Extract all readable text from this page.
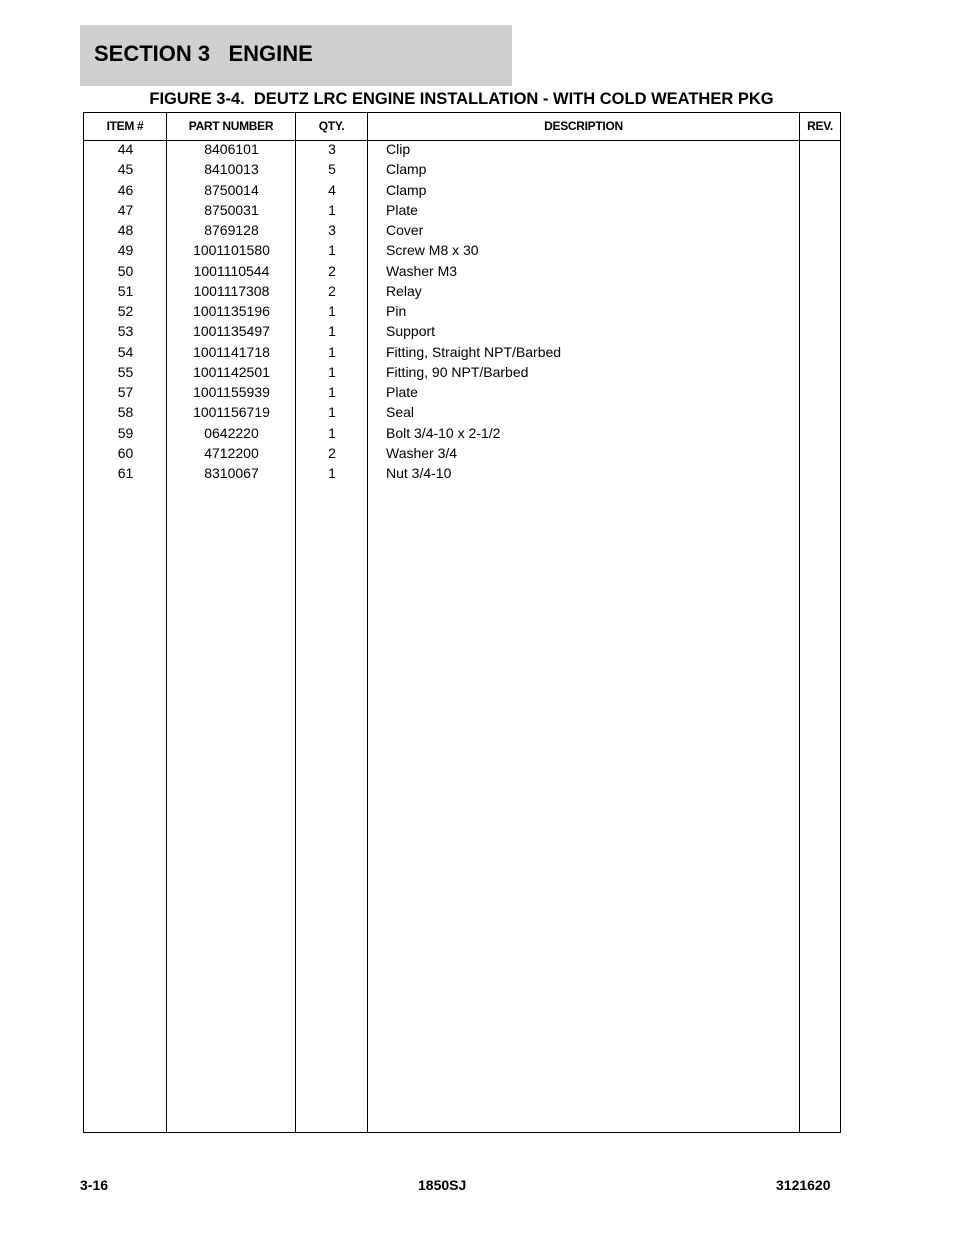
SECTION 3   ENGINE
FIGURE 3-4.  DEUTZ LRC ENGINE INSTALLATION - WITH COLD WEATHER PKG
ITEM #	PART NUMBER	QTY.	DESCRIPTION	REV.
44	8406101	3	Clip
45	8410013	5	Clamp
46	8750014	4	Clamp
47	8750031	1	Plate
48	8769128	3	Cover
49	1001101580	1	Screw M8 x 30
50	1001110544	2	Washer M3
51	1001117308	2	Relay
52	1001135196	1	Pin
53	1001135497	1	Support
54	1001141718	1	Fitting, Straight NPT/Barbed
55	1001142501	1	Fitting, 90 NPT/Barbed
57	1001155939	1	Plate
58	1001156719	1	Seal
59	0642220	1	Bolt 3/4-10 x 2-1/2
60	4712200	2	Washer 3/4
61	8310067	1	Nut 3/4-10
3-16	1850SJ	3121620
